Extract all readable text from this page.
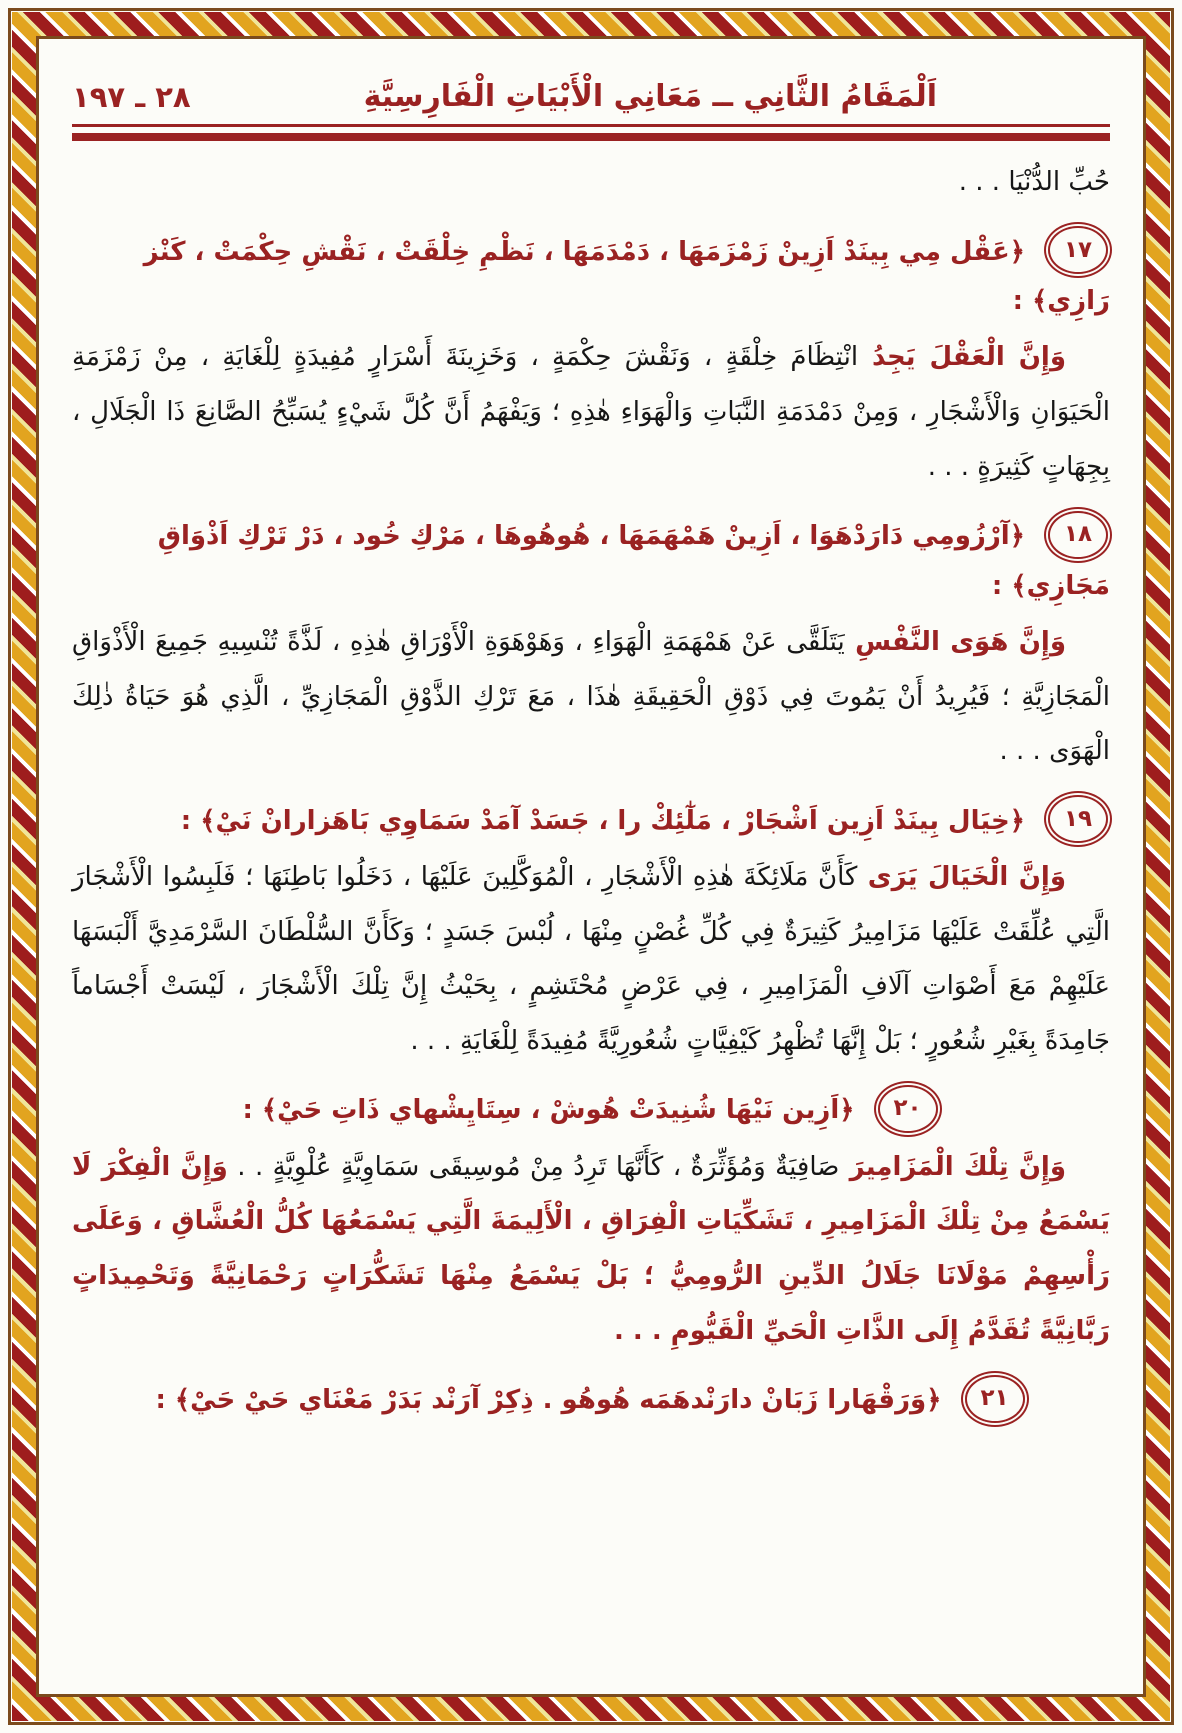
٢٨ ـ ١٩٧	اَلْمَقَامُ الثَّانِي ــ مَعَانِي الْأَبْيَاتِ الْفَارِسِيَّةِ

حُبِّ الدُّنْيَا . . .

١٧
﴿عَقْل مِي بِينَدْ اَزِينْ زَمْزَمَهَا ، دَمْدَمَهَا ، نَظْمِ خِلْقَتْ ، نَقْشِ حِكْمَتْ ، كَنْز رَازِي﴾ :

وَإِنَّ الْعَقْلَ يَجِدُ انْتِظَامَ خِلْقَةٍ ، وَنَقْشَ حِكْمَةٍ ، وَخَزِينَةَ أَسْرَارٍ مُفِيدَةٍ لِلْغَايَةِ ، مِنْ زَمْزَمَةِ الْحَيَوَانِ وَالْأَشْجَارِ ، وَمِنْ دَمْدَمَةِ النَّبَاتِ وَالْهَوَاءِ هٰذِهِ ؛ وَيَفْهَمُ أَنَّ كُلَّ شَيْءٍ يُسَبِّحُ الصَّانِعَ ذَا الْجَلَالِ ، بِجِهَاتٍ كَثِيرَةٍ . . .

١٨
﴿آرْزُومِي دَارَدْهَوَا ، اَزِينْ هَمْهَمَهَا ، هُوهُوهَا ، مَرْكِ خُود ، دَرْ تَرْكِ اَذْوَاقِ مَجَازِي﴾ :

وَإِنَّ هَوَى النَّفْسِ يَتَلَقَّى عَنْ هَمْهَمَةِ الْهَوَاءِ ، وَهَوْهَوَةِ الْأَوْرَاقِ هٰذِهِ ، لَذَّةً تُنْسِيهِ جَمِيعَ الْأَذْوَاقِ الْمَجَازِيَّةِ ؛ فَيُرِيدُ أَنْ يَمُوتَ فِي ذَوْقِ الْحَقِيقَةِ هٰذَا ، مَعَ تَرْكِ الذَّوْقِ الْمَجَازِيِّ ، الَّذِي هُوَ حَيَاةُ ذٰلِكَ الْهَوَى . . .

١٩
﴿خِيَال بِينَدْ اَزِين اَشْجَارْ ، مَلٰٓئِكْ را ، جَسَدْ آمَدْ سَمَاوِي بَاهَزارانْ نَيْ﴾ :

وَإِنَّ الْخَيَالَ يَرَى كَأَنَّ مَلَائِكَةَ هٰذِهِ الْأَشْجَارِ ، الْمُوَكَّلِينَ عَلَيْهَا ، دَخَلُوا بَاطِنَهَا ؛ فَلَبِسُوا الْأَشْجَارَ الَّتِي عُلِّقَتْ عَلَيْهَا مَزَامِيرُ كَثِيرَةٌ فِي كُلِّ غُصْنٍ مِنْهَا ، لُبْسَ جَسَدٍ ؛ وَكَأَنَّ السُّلْطَانَ السَّرْمَدِيَّ أَلْبَسَهَا عَلَيْهِمْ مَعَ أَصْوَاتِ آلَافِ الْمَزَامِيرِ ، فِي عَرْضٍ مُحْتَشِمٍ ، بِحَيْثُ إِنَّ تِلْكَ الْأَشْجَارَ ، لَيْسَتْ أَجْسَاماً جَامِدَةً بِغَيْرِ شُعُورٍ ؛ بَلْ إِنَّهَا تُظْهِرُ كَيْفِيَّاتٍ شُعُورِيَّةً مُفِيدَةً لِلْغَايَةِ . . .

٢٠
﴿اَزِين نَيْهَا شُنِيدَتْ هُوشْ ، سِتَايِشْهاي ذَاتِ حَيْ﴾ :

وَإِنَّ تِلْكَ الْمَزَامِيرَ صَافِيَةٌ وَمُؤَثِّرَةٌ ، كَأَنَّهَا تَرِدُ مِنْ مُوسِيقَى سَمَاوِيَّةٍ عُلْوِيَّةٍ . . وَإِنَّ الْفِكْرَ لَا يَسْمَعُ مِنْ تِلْكَ الْمَزَامِيرِ ، تَشَكِّيَاتِ الْفِرَاقِ ، الْأَلِيمَةَ الَّتِي يَسْمَعُهَا كُلُّ الْعُشَّاقِ ، وَعَلَى رَأْسِهِمْ مَوْلَانَا جَلَالُ الدِّينِ الرُّومِيُّ ؛ بَلْ يَسْمَعُ مِنْهَا تَشَكُّرَاتٍ رَحْمَانِيَّةً وَتَحْمِيدَاتٍ رَبَّانِيَّةً تُقَدَّمُ إِلَى الذَّاتِ الْحَيِّ الْقَيُّومِ . . .

٢١
﴿وَرَقْهَارا زَبَانْ دارَنْدهَمَه هُوهُو . ذِكِرْ آرَنْد بَدَرْ مَعْنَاي حَيْ حَيْ﴾ :
